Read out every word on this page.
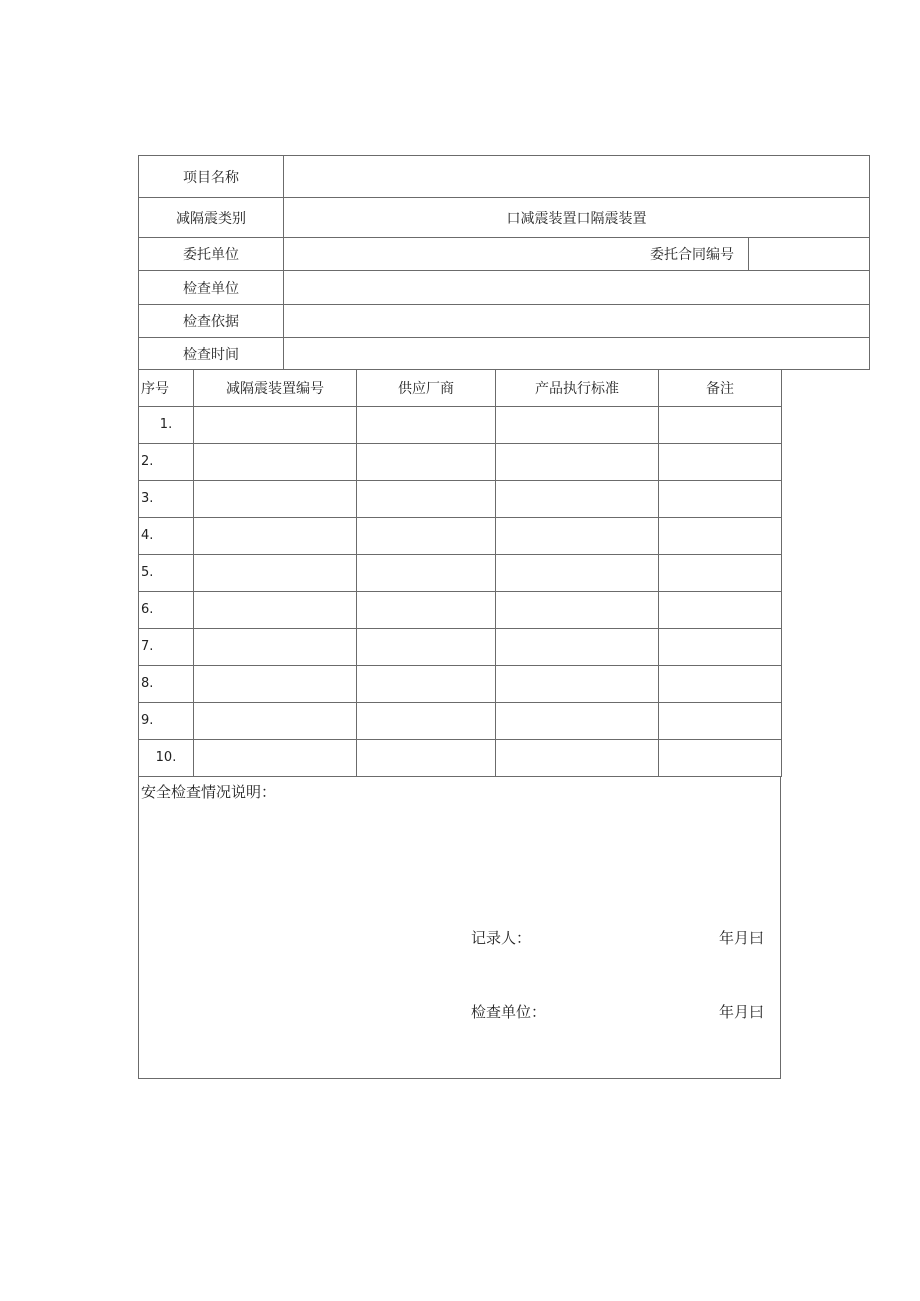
项目名称		
减隔震类别	口减震装置口隔震装置	
委托单位	委托合同编号	
检查单位		
检查依据		
检查时间		
序号	减隔震装置编号	供应厂商	产品执行标准	备注
1.				
2.				
3.				
4.				
5.				
6.				
7.				
8.				
9.				
10.				
安全检查情况说明：
记录人：	年月曰
检查单位：	年月曰
